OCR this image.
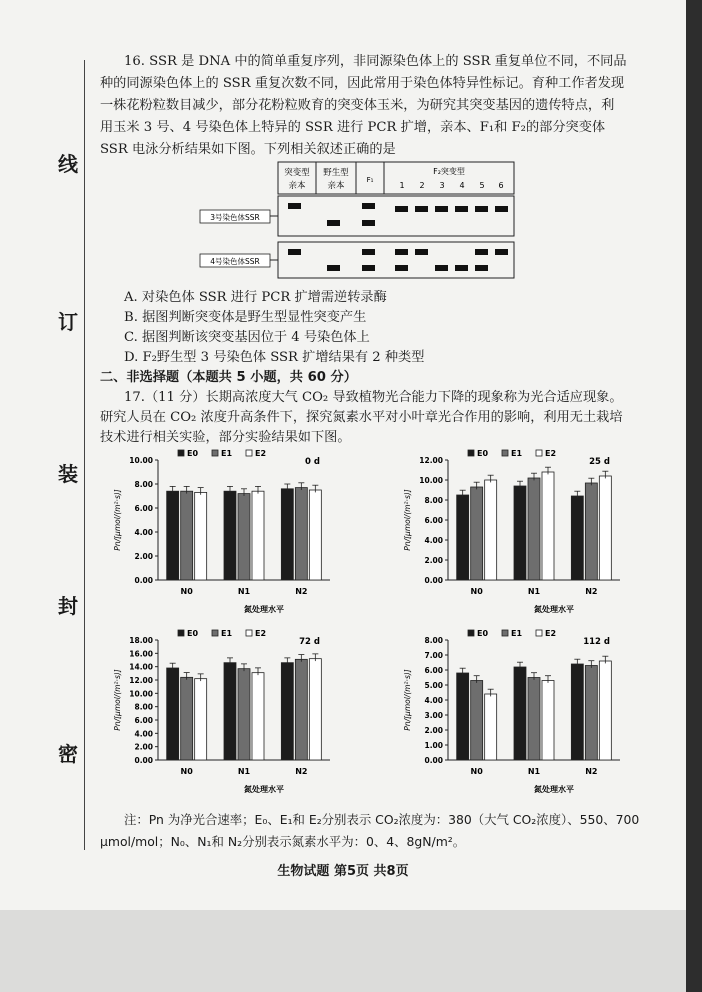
线
订
装
封
密
16. SSR 是 DNA 中的简单重复序列，非同源染色体上的 SSR 重复单位不同，不同品
种的同源染色体上的 SSR 重复次数不同，因此常用于染色体特异性标记。育种工作者发现
一株花粉粒数目减少，部分花粉粒败育的突变体玉米，为研究其突变基因的遗传特点，利
用玉米 3 号、4 号染色体上特异的 SSR 进行 PCR 扩增，亲本、F₁和 F₂的部分突变体
SSR 电泳分析结果如下图。下列相关叙述正确的是
突变型
亲本
野生型
亲本
F₁
F₂突变型
1 2 3 4 5 6
3号染色体SSR
4号染色体SSR
A. 对染色体 SSR 进行 PCR 扩增需逆转录酶
B. 据图判断突变体是野生型显性突变产生
C. 据图判断该突变基因位于 4 号染色体上
D. F₂野生型 3 号染色体 SSR 扩增结果有 2 种类型
二、非选择题（本题共 5 小题，共 60 分）
17.（11 分）长期高浓度大气 CO₂ 导致植物光合能力下降的现象称为光合适应现象。
研究人员在 CO₂ 浓度升高条件下，探究氮素水平对小叶章光合作用的影响，利用无土栽培
技术进行相关实验，部分实验结果如下图。
0.00
2.00
4.00
6.00
8.00
10.00
Pn/[μmol/(m²·s)]
N0	N1	N2
氮处理水平
E0	E1	E2
0 d
0.00
2.00
4.00
6.00
8.00
10.00
12.00
Pn/[μmol/(m²·s)]
N0	N1	N2
氮处理水平
E0	E1	E2
25 d
0.00
2.00
4.00
6.00
8.00
10.00
12.00
14.00
16.00
18.00
Pn/[μmol/(m²·s)]
N0	N1	N2
氮处理水平
E0	E1	E2
72 d
0.00
1.00
2.00
3.00
4.00
5.00
6.00
7.00
8.00
Pn/[μmol/(m²·s)]
N0	N1	N2
氮处理水平
E0	E1	E2
112 d
注：Pn 为净光合速率；E₀、E₁和 E₂分别表示 CO₂浓度为：380（大气 CO₂浓度）、550、700
μmol/mol；N₀、N₁和 N₂分别表示氮素水平为：0、4、8gN/m²。
生物试题 第5页 共8页
